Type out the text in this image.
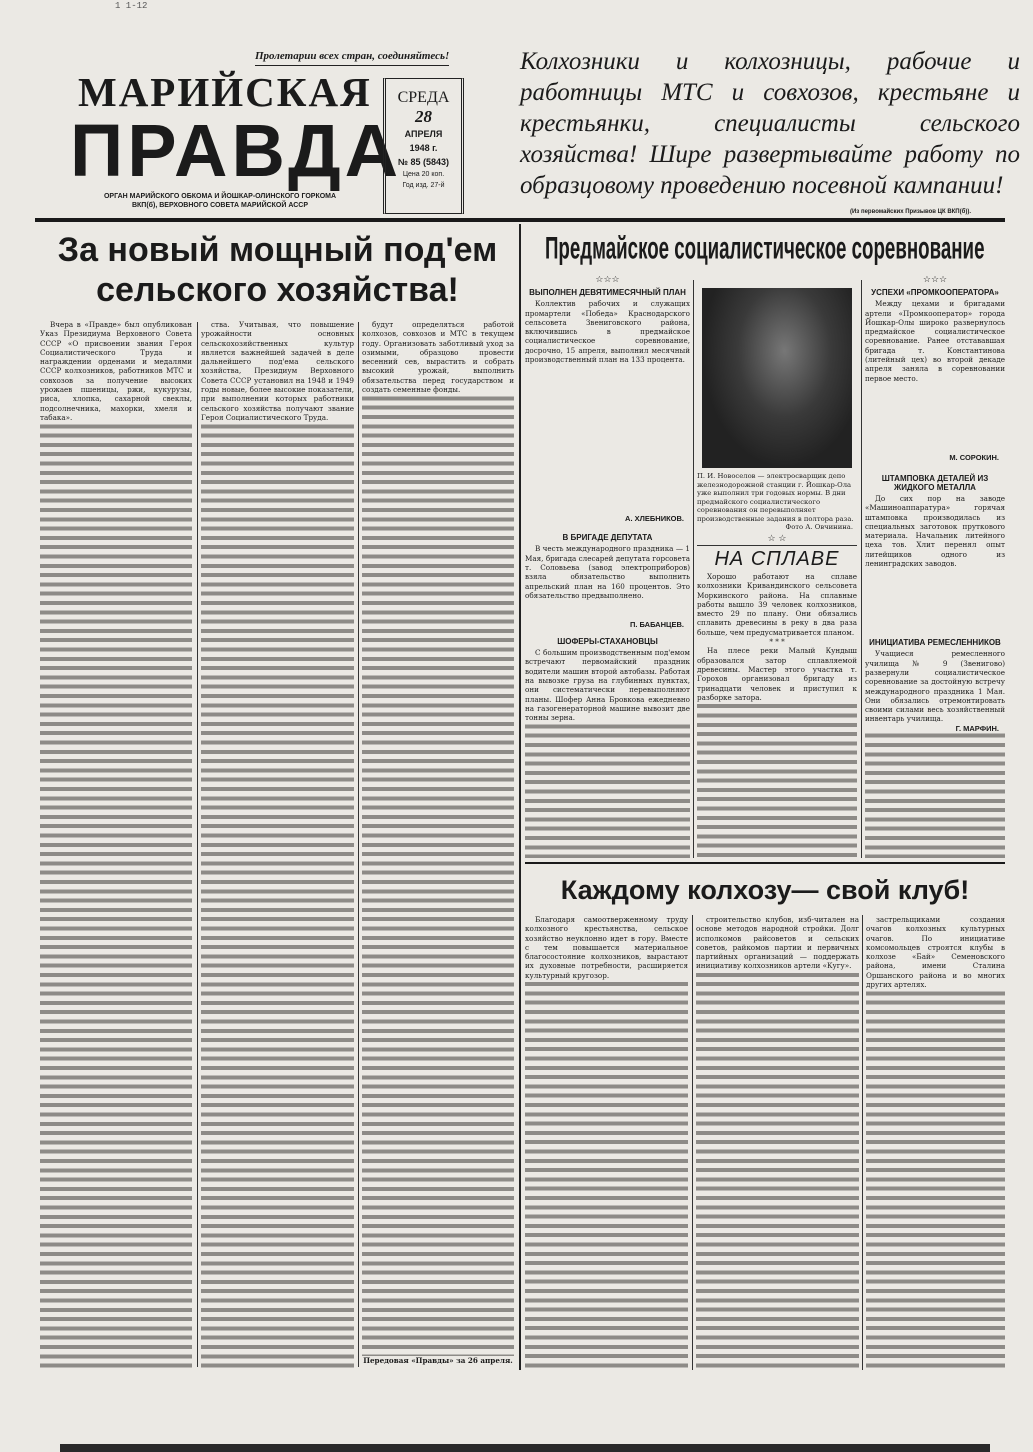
1 1-12
Пролетарии всех стран, соединяйтесь!
МАРИЙСКАЯ
ПРАВДА
ОРГАН МАРИЙСКОГО ОБКОМА И ЙОШКАР-ОЛИНСКОГО ГОРКОМА ВКП(б), ВЕРХОВНОГО СОВЕТА МАРИЙСКОЙ АССР
СРЕДА
28
АПРЕЛЯ
1948 г.
№ 85 (5843)
Цена 20 коп.
Год изд. 27-й
Колхозники и колхозницы, рабочие и работницы МТС и совхозов, крестьяне и крестьянки, специалисты сельского хозяйства! Шире развертывайте работу по образцовому проведению посевной кампании!
(Из первомайских Призывов ЦК ВКП(б)).
За новый мощный под'ем
сельского хозяйства!

Вчера в «Правде» был опубликован Указ Президиума Верховного Совета СССР «О присвоении звания Героя Социалистического Труда и награждении орденами и медалями СССР колхозников, работников МТС и совхозов за получение высоких урожаев пшеницы, ржи, кукурузы, риса, хлопка, сахарной свеклы, подсолнечника, махорки, хмеля и табака».

ства. Учитывая, что повышение урожайности основных сельскохозяйственных культур является важнейшей задачей в деле дальнейшего под'ема сельского хозяйства, Президиум Верховного Совета СССР установил на 1948 и 1949 годы новые, более высокие показатели, при выполнении которых работники сельского хозяйства получают звание Героя Социалистического Труда.

будут определяться работой колхозов, совхозов и МТС в текущем году. Организовать заботливый уход за озимыми, образцово провести весенний сев, вырастить и собрать высокий урожай, выполнить обязательства перед государством и создать семенные фонды.

Передовая «Правды» за 26 апреля.
Предмайское социалистическое соревнование
☆☆☆
ВЫПОЛНЕН ДЕВЯТИМЕСЯЧНЫЙ ПЛАН

Коллектив рабочих и служащих промартели «Победа» Краснодарского сельсовета Звениговского района, включившись в предмайское социалистическое соревнование, досрочно, 15 апреля, выполнил месячный производственный план на 133 процента.

А. ХЛЕБНИКОВ.
В БРИГАДЕ ДЕПУТАТА

В честь международного праздника — 1 Мая, бригада слесарей депутата горсовета т. Соловьева (завод электроприборов) взяла обязательство выполнить апрельский план на 160 процентов. Это обязательство предвыполнено.

П. БАБАНЦЕВ.
ШОФЕРЫ-СТАХАНОВЦЫ

С большим производственным под'емом встречают первомайский праздник водители машин второй автобазы. Работая на вывозке груза на глубинных пунктах, они систематически перевыполняют планы. Шофер Анна Бровкова ежедневно на газогенераторной машине вывозит две тонны зерна.

П. И. Новоселов — электросварщик депо железнодорожной станции г. Йошкар-Ола уже выполнил три годовых нормы. В дни предмайского социалистического соревнования он перевыполняет производственные задания в полтора раза.
Фото А. Овчинина.
☆ ☆
НА СПЛАВЕ

Хорошо работают на сплаве колхозники Кривандинского сельсовета Моркинского района. На сплавные работы вышло 39 человек колхозников, вместо 29 по плану. Они обязались сплавить древесины в реку в два раза больше, чем предусматривается планом.

* * *

На плесе реки Малый Кундыш образовался затор сплавляемой древесины. Мастер этого участка т. Горохов организовал бригаду из тринадцати человек и приступил к разборке затора.

☆☆☆
УСПЕХИ «ПРОМКООПЕРАТОРА»

Между цехами и бригадами артели «Промкооператор» города Йошкар-Олы широко развернулось предмайское социалистическое соревнование. Ранее отстававшая бригада т. Константинова (литейный цех) во второй декаде апреля заняла в соревновании первое место.

М. СОРОКИН.
ШТАМПОВКА ДЕТАЛЕЙ ИЗ ЖИДКОГО МЕТАЛЛА

До сих пор на заводе «Машиноаппаратура» горячая штамповка производилась из специальных заготовок прутковоro материала. Начальник литейного цеха тов. Хлит перенял опыт литейщиков одного из ленинградских заводов.

ИНИЦИАТИВА РЕМЕСЛЕННИКОВ

Учащиеся ремесленного училища № 9 (Звенигово) развернули социалистическое соревнование за достойную встречу международного праздника 1 Мая. Они обязались отремонтировать своими силами весь хозяйственный инвентарь училища.

Г. МАРФИН.
Каждому колхозу— свой клуб!

Благодаря самоотверженному труду колхозного крестьянства, сельское хозяйство неуклонно идет в гору. Вместе с тем повышается материальное благосостояние колхозников, вырастают их духовные потребности, расширяется культурный кругозор.

строительство клубов, изб-читален на основе методов народной стройки. Долг исполкомов райсоветов и сельских советов, райкомов партии и первичных партийных организаций — поддержать инициативу колхозников артели «Кугу».

застрельщиками создания очагов колхозных культурных очагов. По инициативе комсомольцев строятся клубы в колхозе «Бай» Семеновского района, имени Сталина Оршанского района и во многих других артелях.
